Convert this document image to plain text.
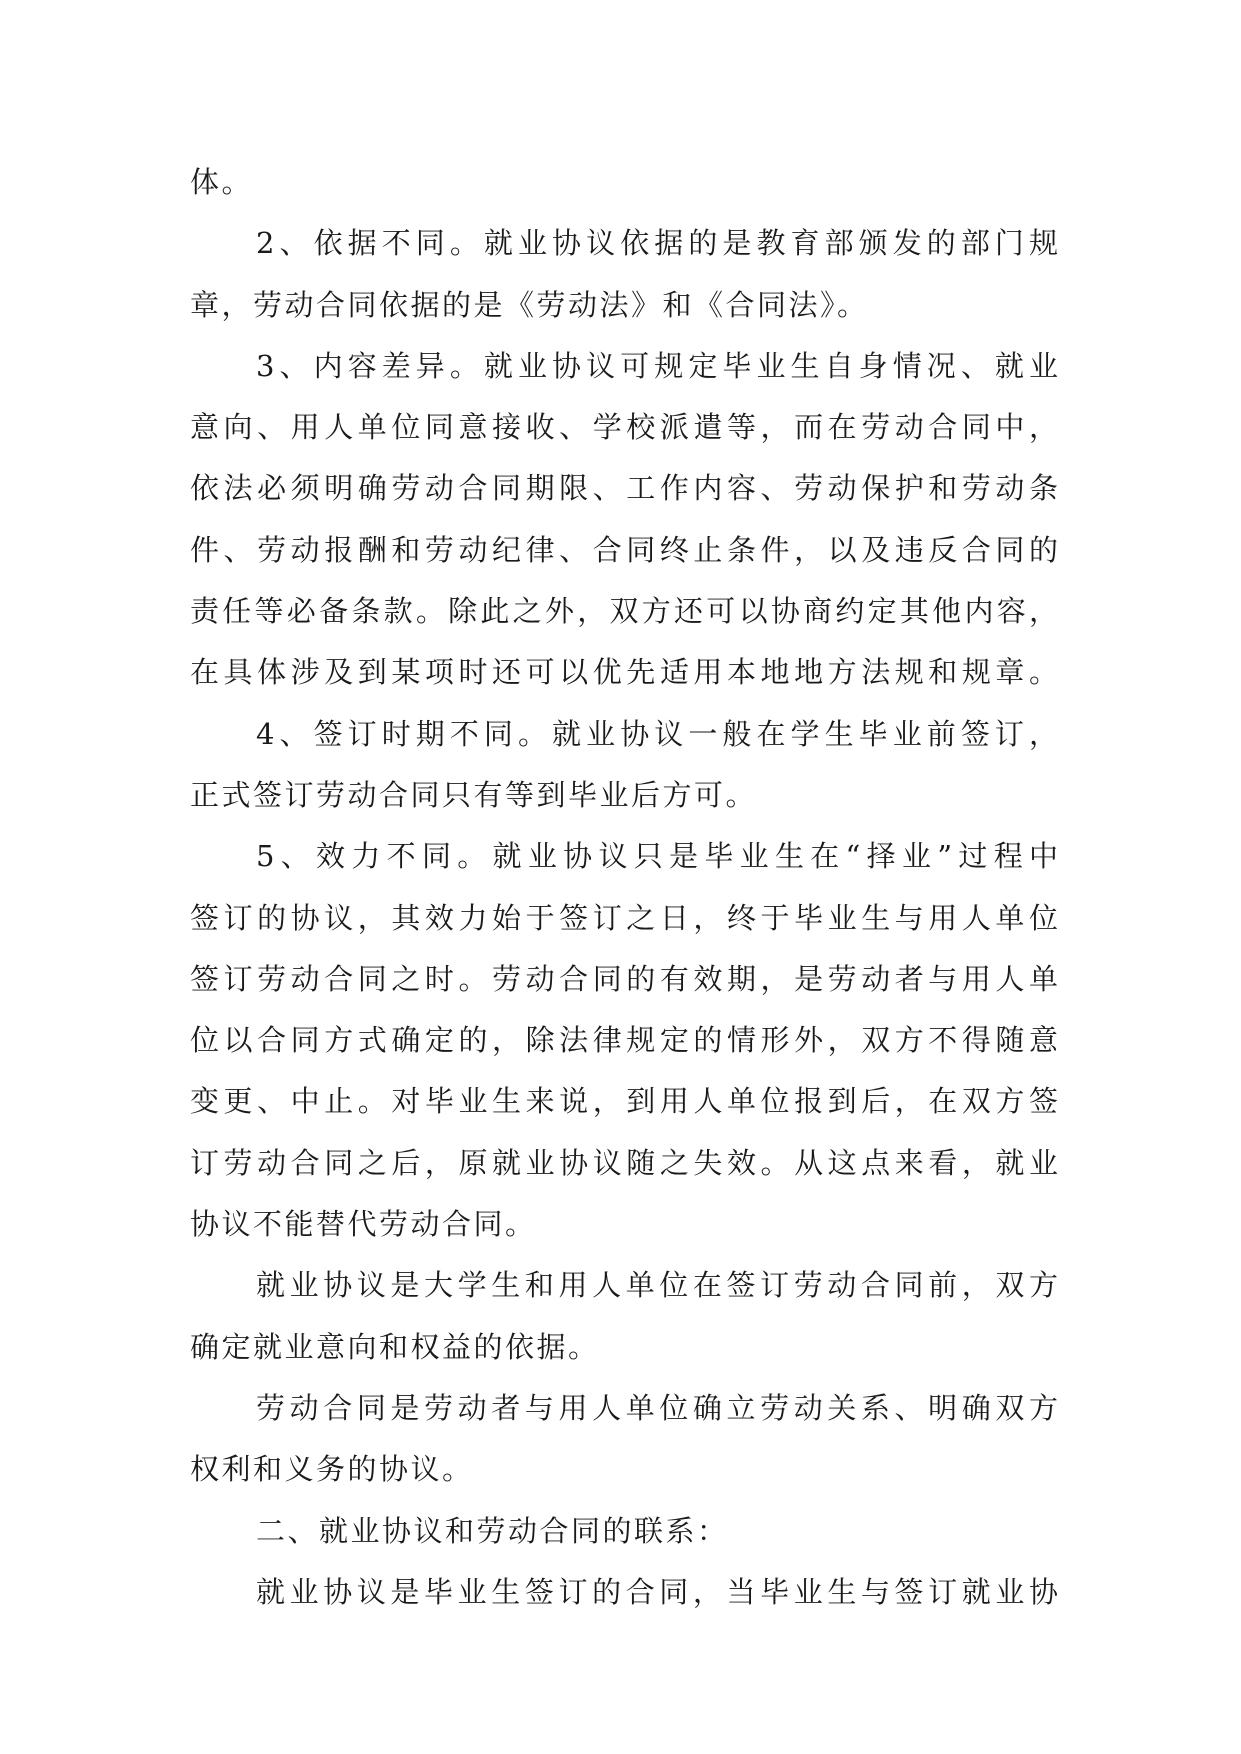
体。
2、依据不同。就业协议依据的是教育部颁发的部门规
章，劳动合同依据的是《劳动法》和《合同法》。
3、内容差异。就业协议可规定毕业生自身情况、就业
意向、用人单位同意接收、学校派遣等，而在劳动合同中，
依法必须明确劳动合同期限、工作内容、劳动保护和劳动条
件、劳动报酬和劳动纪律、合同终止条件，以及违反合同的
责任等必备条款。除此之外，双方还可以协商约定其他内容，
在具体涉及到某项时还可以优先适用本地地方法规和规章。
4、签订时期不同。就业协议一般在学生毕业前签订，
正式签订劳动合同只有等到毕业后方可。
5、效力不同。就业协议只是毕业生在“择业”过程中
签订的协议，其效力始于签订之日，终于毕业生与用人单位
签订劳动合同之时。劳动合同的有效期，是劳动者与用人单
位以合同方式确定的，除法律规定的情形外，双方不得随意
变更、中止。对毕业生来说，到用人单位报到后，在双方签
订劳动合同之后，原就业协议随之失效。从这点来看，就业
协议不能替代劳动合同。
就业协议是大学生和用人单位在签订劳动合同前，双方
确定就业意向和权益的依据。
劳动合同是劳动者与用人单位确立劳动关系、明确双方
权利和义务的协议。
二、就业协议和劳动合同的联系：
就业协议是毕业生签订的合同，当毕业生与签订就业协
